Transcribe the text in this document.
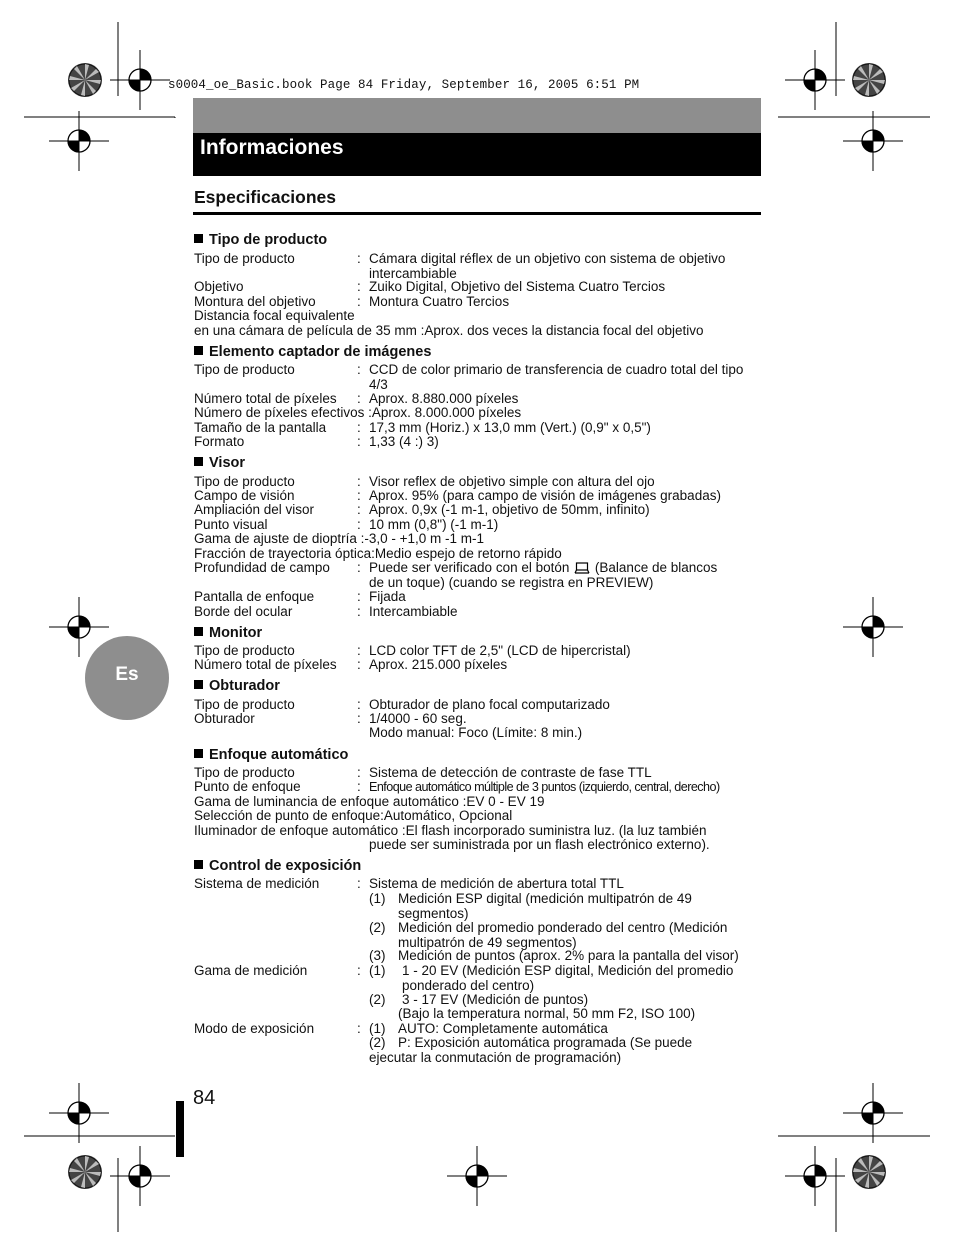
s0004_oe_Basic.book Page 84 Friday, September 16, 2005 6:51 PM
Informaciones
Especificaciones
Es
Tipo de producto
Tipo de producto	: Cámara digital réflex de un objetivo con sistema de objetivo intercambiable
Objetivo	: Zuiko Digital, Objetivo del Sistema Cuatro Tercios
Montura del objetivo	: Montura Cuatro Tercios
Distancia focal equivalente
en una cámara de película de 35 mm :Aprox. dos veces la distancia focal del objetivo
Elemento captador de imágenes
Tipo de producto	: CCD de color primario de transferencia de cuadro total del tipo 4/3
Número total de píxeles : Aprox. 8.880.000 píxeles
Número de píxeles efectivos :Aprox. 8.000.000 píxeles
Tamaño de la pantalla : 17,3 mm (Horiz.) x 13,0 mm (Vert.) (0,9" x 0,5")
Formato	: 1,33 (4 :) 3)
Visor
Tipo de producto	: Visor reflex de objetivo simple con altura del ojo
Campo de visión	: Aprox. 95% (para campo de visión de imágenes grabadas)
Ampliación del visor	: Aprox. 0,9x (-1 m-1, objetivo de 50mm, infinito)
Punto visual	: 10 mm (0,8") (-1 m-1)
Gama de ajuste de dioptría :-3,0 - +1,0 m -1 m-1
Fracción de trayectoria óptica:Medio espejo de retorno rápido
Profundidad de campo : Puede ser verificado con el botón (Balance de blancos
de un toque) (cuando se registra en PREVIEW)
Pantalla de enfoque	: Fijada
Borde del ocular	: Intercambiable
Monitor
Tipo de producto	: LCD color TFT de 2,5" (LCD de hipercristal)
Número total de píxeles : Aprox. 215.000 píxeles
Obturador
Tipo de producto	: Obturador de plano focal computarizado
Obturador	: 1/4000 - 60 seg.
Modo manual: Foco (Límite: 8 min.)
Enfoque automático
Tipo de producto	: Sistema de detección de contraste de fase TTL
Punto de enfoque	: Enfoque automático múltiple de 3 puntos (izquierdo, central, derecho)
Gama de luminancia de enfoque automático :EV 0 - EV 19
Selección de punto de enfoque:Automático, Opcional
Iluminador de enfoque automático :El flash incorporado suministra luz. (la luz también
puede ser suministrada por un flash electrónico externo).
Control de exposición
Sistema de medición	: Sistema de medición de abertura total TTL
(1) Medición ESP digital (medición multipatrón de 49 segmentos)
(2) Medición del promedio ponderado del centro (Medición multipatrón de 49 segmentos)
(3) Medición de puntos (aprox. 2% para la pantalla del visor)
Gama de medición	: (1) 1 - 20 EV (Medición ESP digital, Medición del promedio ponderado del centro)
(2) 3 - 17 EV (Medición de puntos)
(Bajo la temperatura normal, 50 mm F2, ISO 100)
Modo de exposición	: (1) AUTO: Completamente automática
(2) P: Exposición automática programada (Se puede
ejecutar la conmutación de programación)
84
